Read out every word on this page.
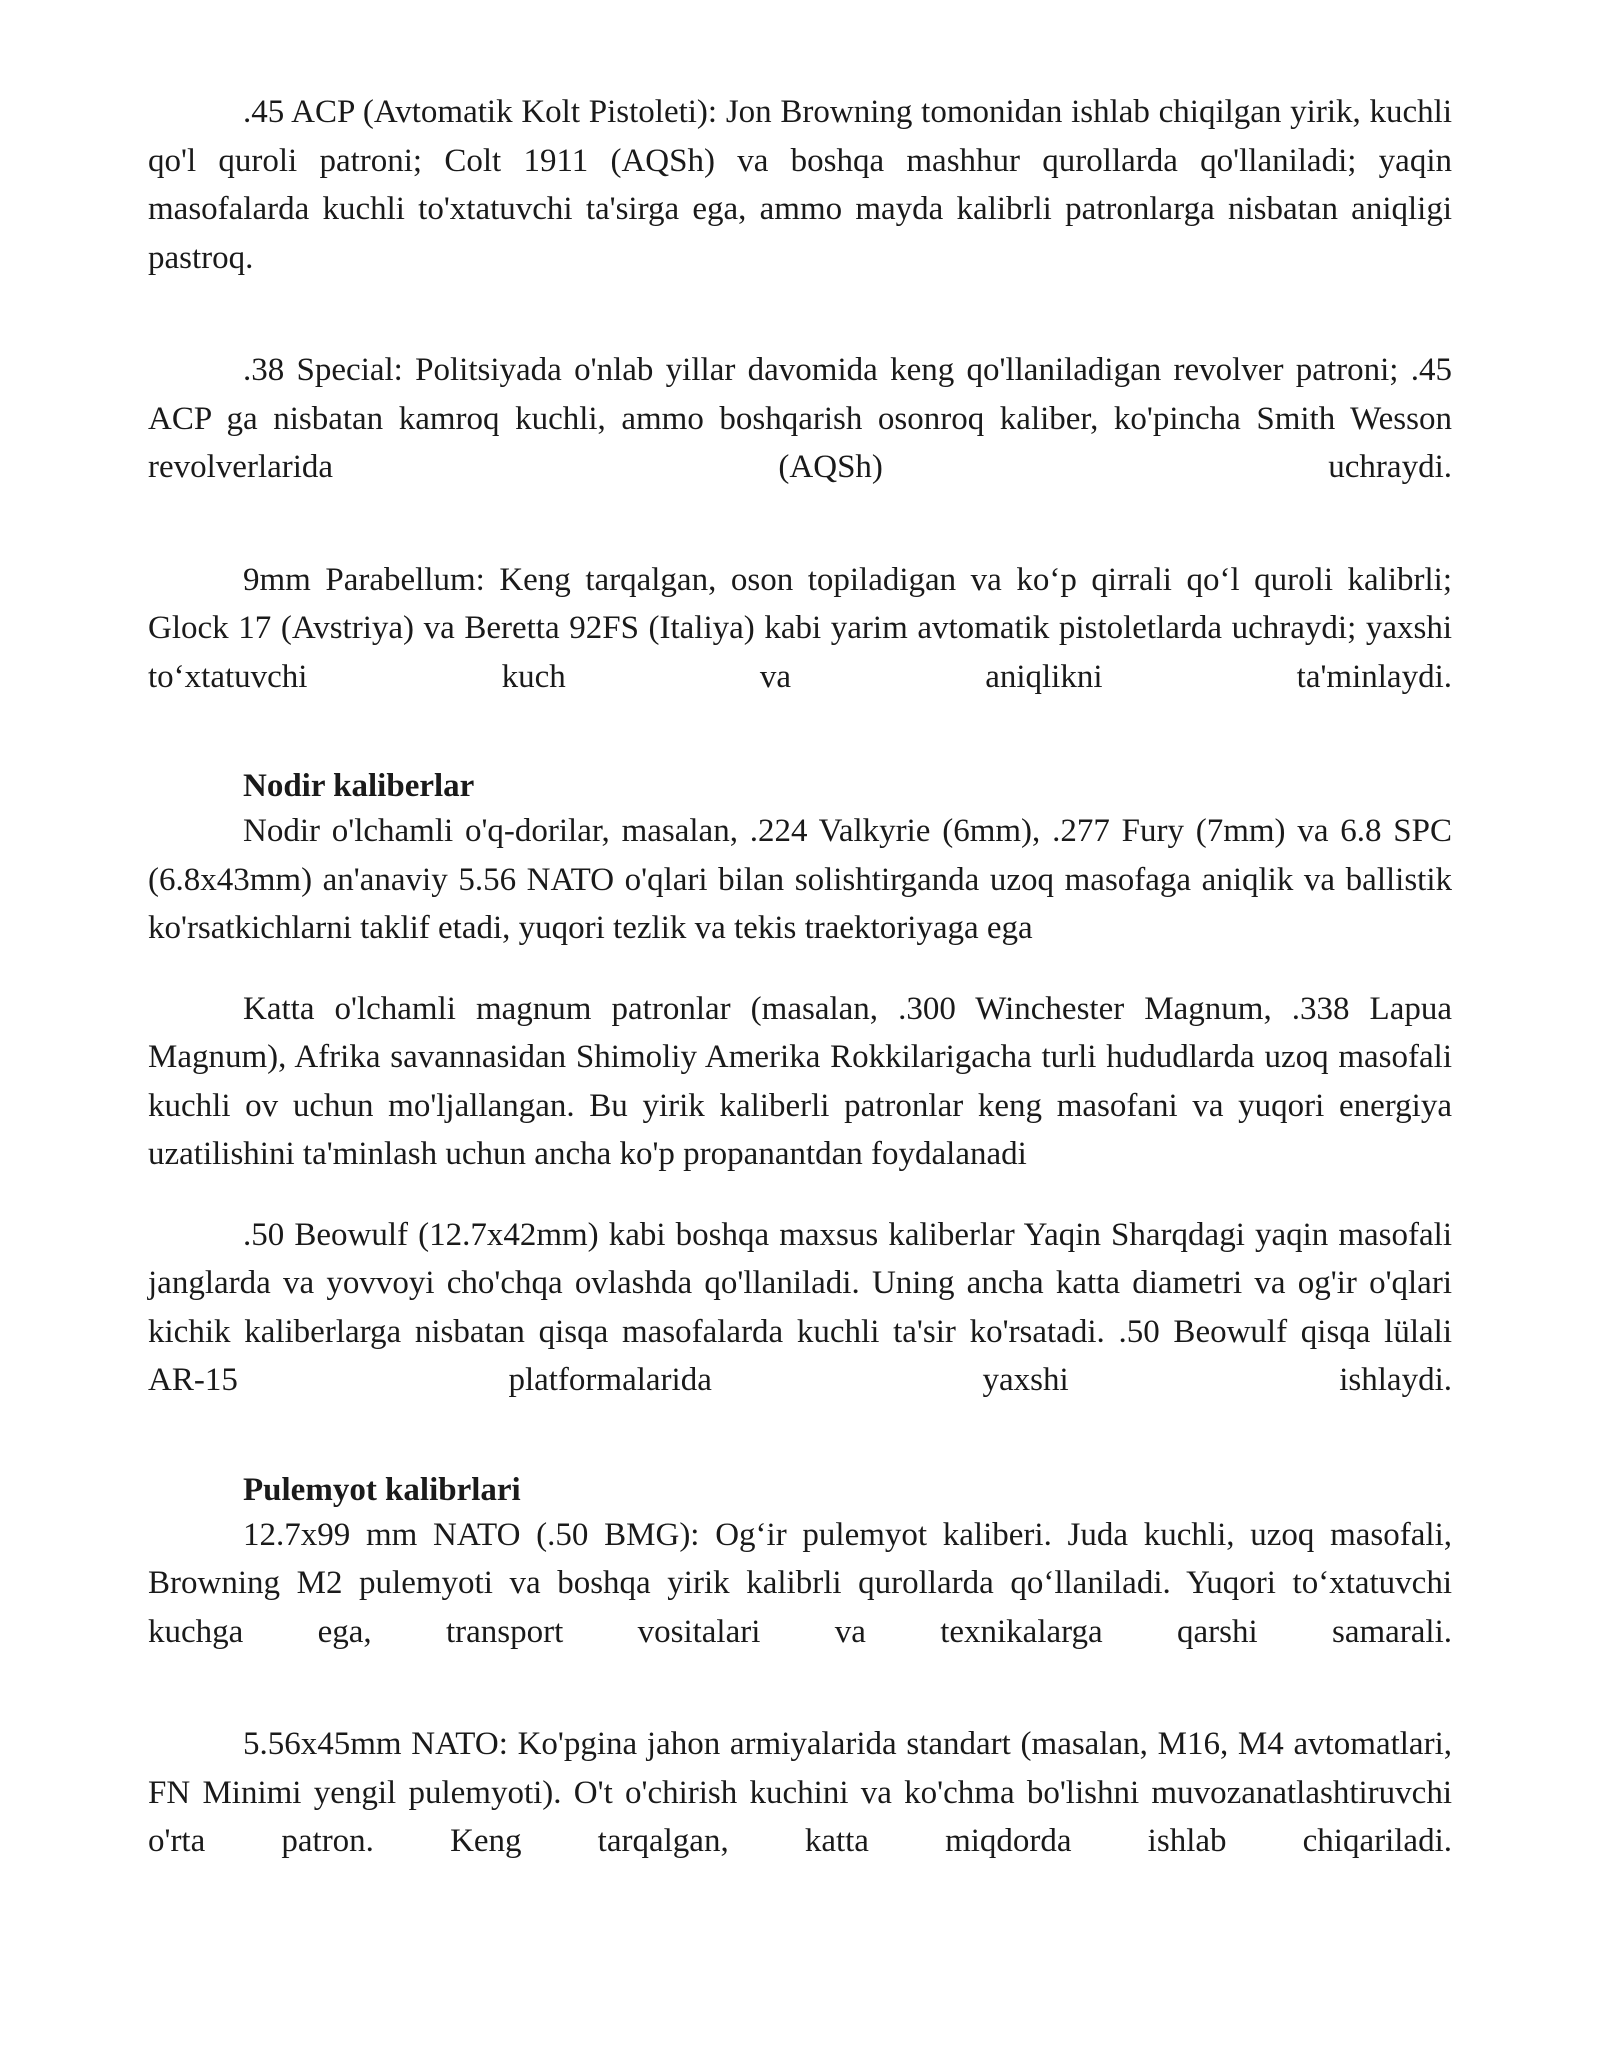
.45 ACP (Avtomatik Kolt Pistoleti): Jon Browning tomonidan ishlab chiqilgan yirik, kuchli qo'l quroli patroni; Colt 1911 (AQSh) va boshqa mashhur qurollarda qo'llaniladi; yaqin masofalarda kuchli to'xtatuvchi ta'sirga ega, ammo mayda kalibrli patronlarga nisbatan aniqligi pastroq.

.38 Special: Politsiyada o'nlab yillar davomida keng qo'llaniladigan revolver patroni; .45 ACP ga nisbatan kamroq kuchli, ammo boshqarish osonroq kaliber, ko'pincha Smith Wesson revolverlarida (AQSh) uchraydi.

9mm Parabellum: Keng tarqalgan, oson topiladigan va ko‘p qirrali qo‘l quroli kalibrli; Glock 17 (Avstriya) va Beretta 92FS (Italiya) kabi yarim avtomatik pistoletlarda uchraydi; yaxshi to‘xtatuvchi kuch va aniqlikni ta'minlaydi.

Nodir kaliberlar

Nodir o'lchamli o'q-dorilar, masalan, .224 Valkyrie (6mm), .277 Fury (7mm) va 6.8 SPC (6.8x43mm) an'anaviy 5.56 NATO o'qlari bilan solishtirganda uzoq masofaga aniqlik va ballistik ko'rsatkichlarni taklif etadi, yuqori tezlik va tekis traektoriyaga ega

Katta o'lchamli magnum patronlar (masalan, .300 Winchester Magnum, .338 Lapua Magnum), Afrika savannasidan Shimoliy Amerika Rokkilarigacha turli hududlarda uzoq masofali kuchli ov uchun mo'ljallangan. Bu yirik kaliberli patronlar keng masofani va yuqori energiya uzatilishini ta'minlash uchun ancha ko'p propanantdan foydalanadi

.50 Beowulf (12.7x42mm) kabi boshqa maxsus kaliberlar Yaqin Sharqdagi yaqin masofali janglarda va yovvoyi cho'chqa ovlashda qo'llaniladi. Uning ancha katta diametri va og'ir o'qlari kichik kaliberlarga nisbatan qisqa masofalarda kuchli ta'sir ko'rsatadi. .50 Beowulf qisqa lülali AR-15 platformalarida yaxshi ishlaydi.

Pulemyot kalibrlari

12.7x99 mm NATO (.50 BMG): Og‘ir pulemyot kaliberi. Juda kuchli, uzoq masofali, Browning M2 pulemyoti va boshqa yirik kalibrli qurollarda qo‘llaniladi. Yuqori to‘xtatuvchi kuchga ega, transport vositalari va texnikalarga qarshi samarali.

5.56x45mm NATO: Ko'pgina jahon armiyalarida standart (masalan, M16, M4 avtomatlari, FN Minimi yengil pulemyoti). O't o'chirish kuchini va ko'chma bo'lishni muvozanatlashtiruvchi o'rta patron. Keng tarqalgan, katta miqdorda ishlab chiqariladi.
